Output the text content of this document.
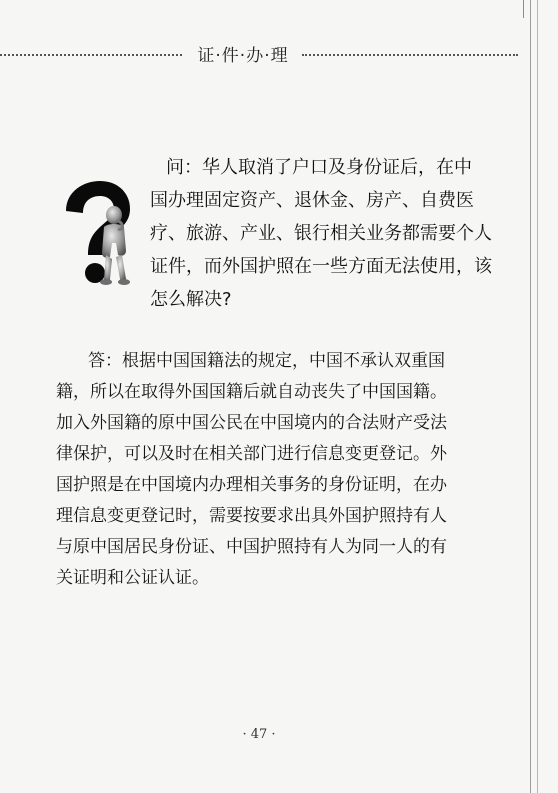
证·件·办·理
问：华人取消了户口及身份证后，在中
国办理固定资产、退休金、房产、自费医
疗、旅游、产业、银行相关业务都需要个人
证件，而外国护照在一些方面无法使用，该
怎么解决?
答：根据中国国籍法的规定，中国不承认双重国
籍，所以在取得外国国籍后就自动丧失了中国国籍。
加入外国籍的原中国公民在中国境内的合法财产受法
律保护，可以及时在相关部门进行信息变更登记。外
国护照是在中国境内办理相关事务的身份证明，在办
理信息变更登记时，需要按要求出具外国护照持有人
与原中国居民身份证、中国护照持有人为同一人的有
关证明和公证认证。
· 47 ·
